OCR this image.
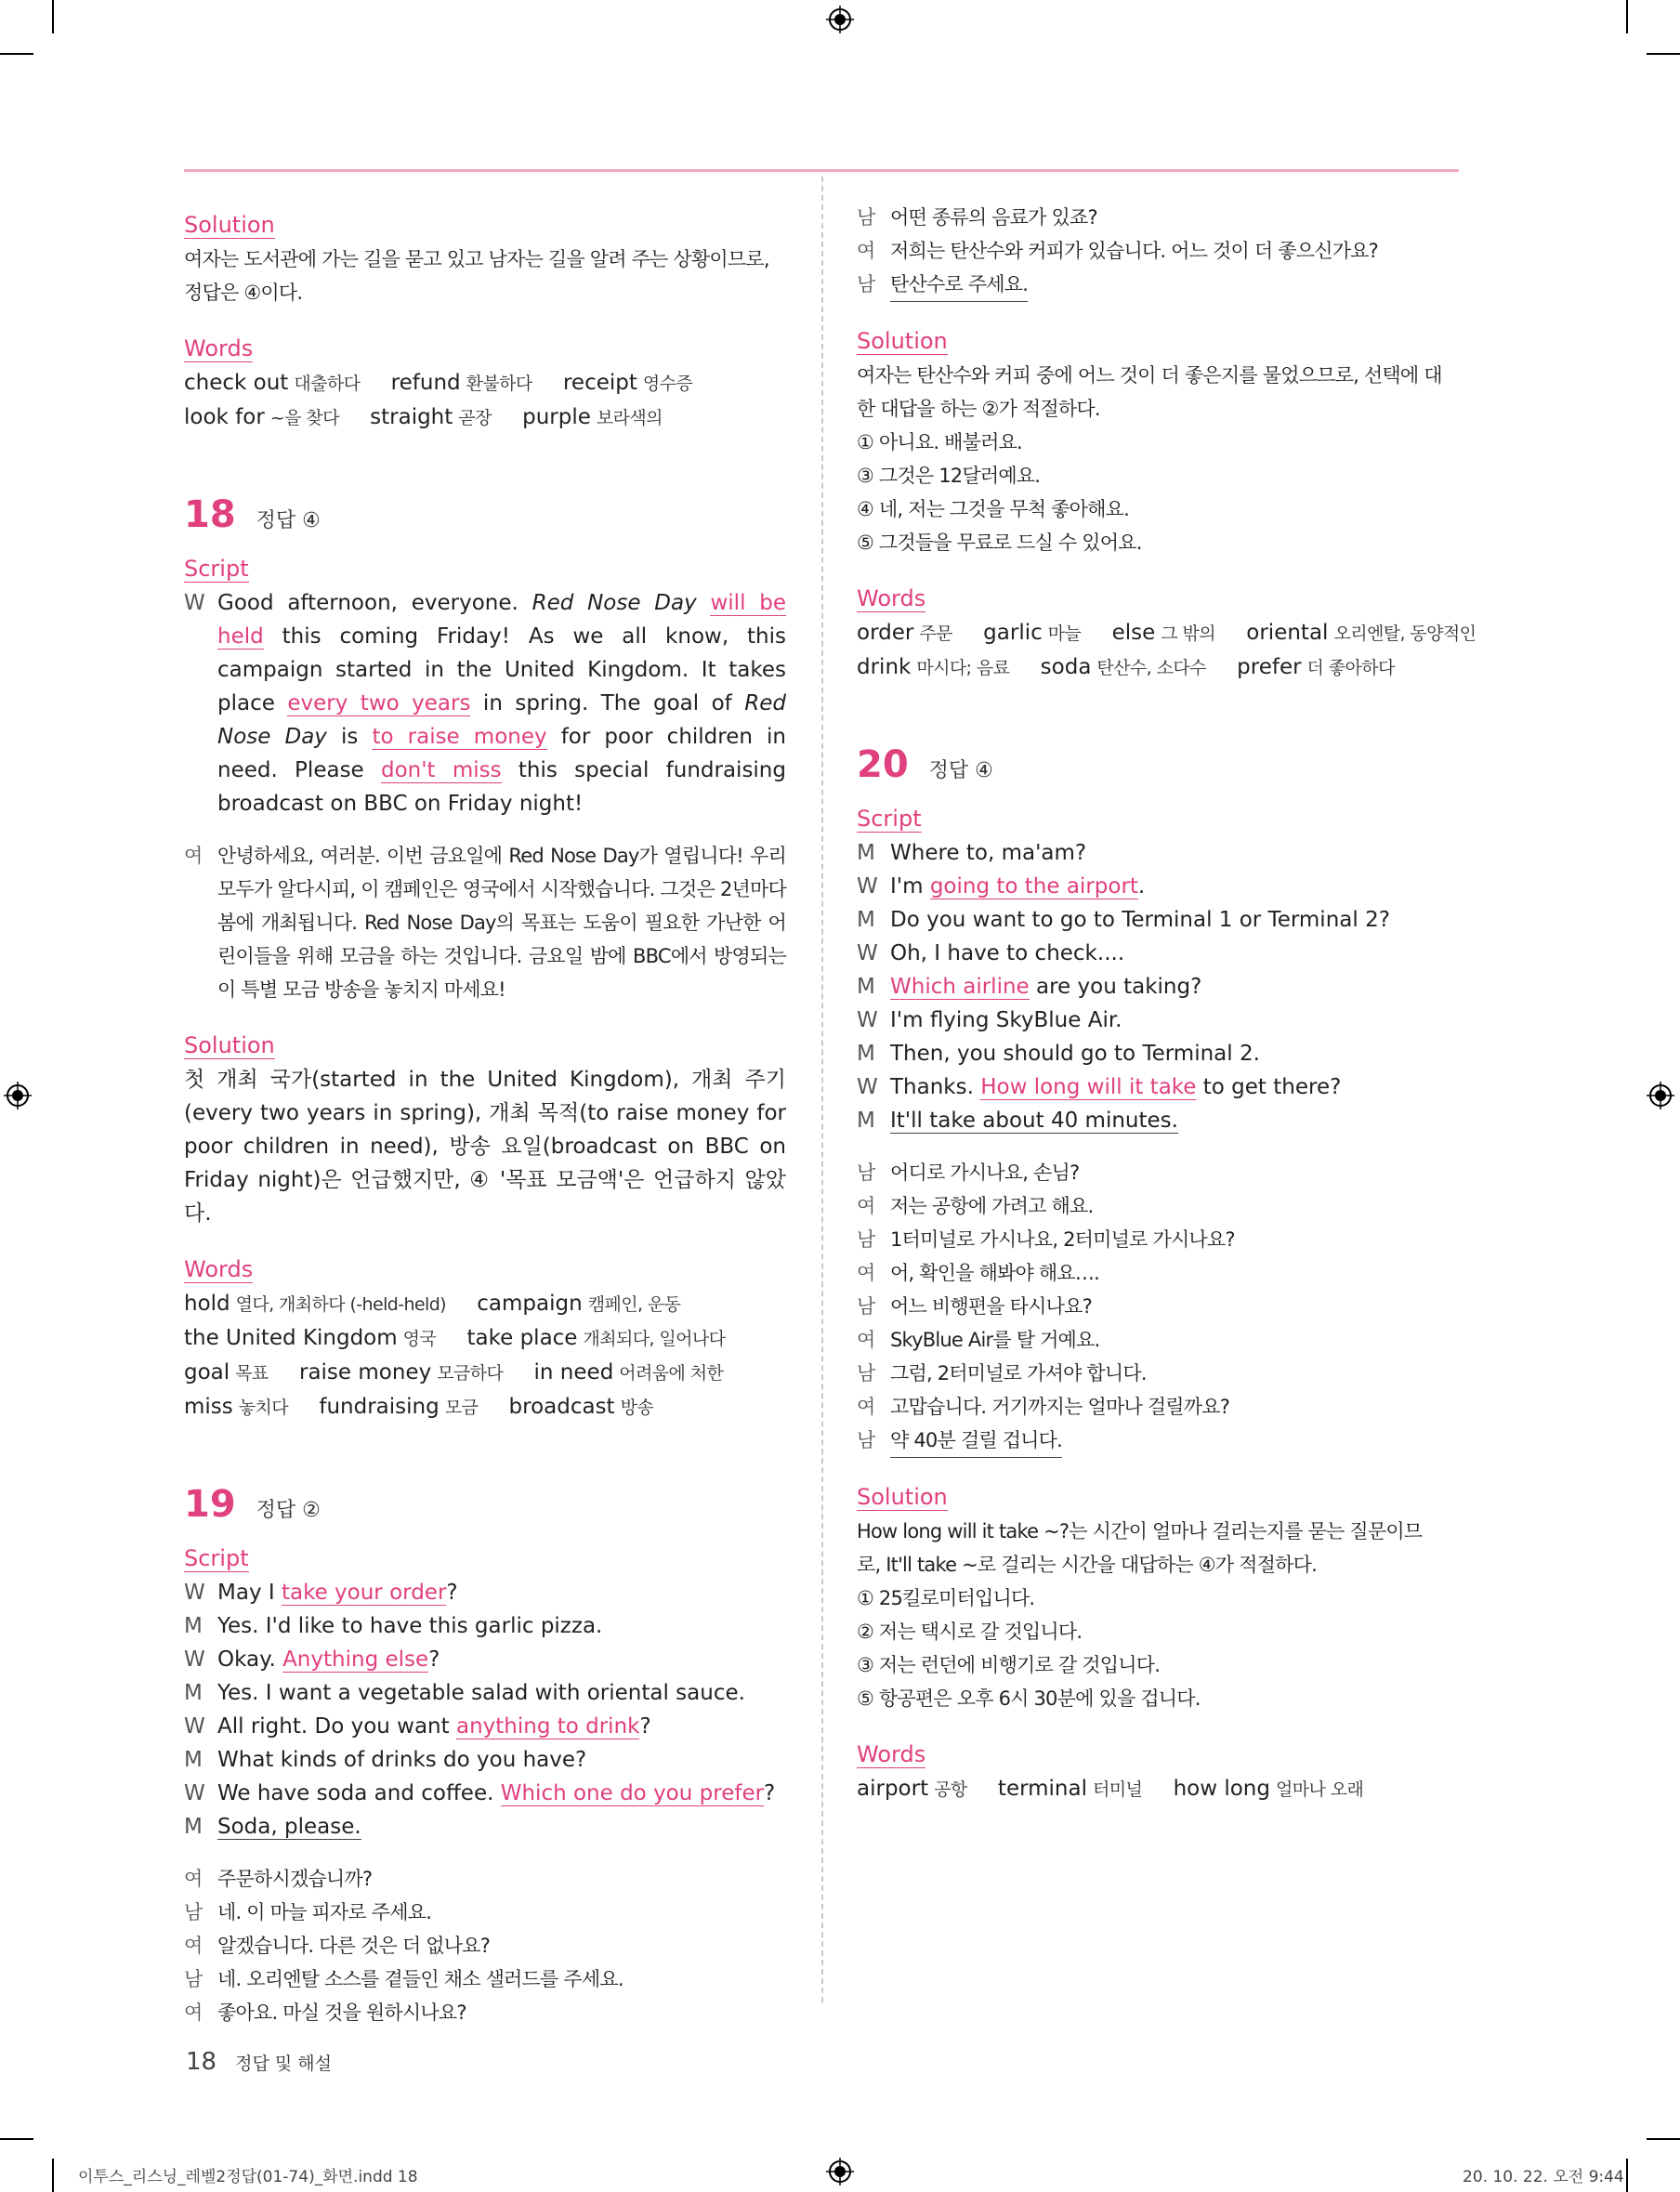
Solution
여자는 도서관에 가는 길을 묻고 있고 남자는 길을 알려 주는 상황이므로,
정답은 ④이다.
Words
check out 대출하다 refund 환불하다 receipt 영수증
look for ~을 찾다 straight 곧장 purple 보라색의
18 정답 ④
Script
W Good afternoon, everyone. Red Nose Day will be held this coming Friday! As we all know, this campaign started in the United Kingdom. It takes place every two years in spring. The goal of Red Nose Day is to raise money for poor children in need. Please don't miss this special fundraising broadcast on BBC on Friday night!
여 안녕하세요, 여러분. 이번 금요일에 Red Nose Day가 열립니다! 우리 모두가 알다시피, 이 캠페인은 영국에서 시작했습니다. 그것은 2년마다 봄에 개최됩니다. Red Nose Day의 목표는 도움이 필요한 가난한 어린이들을 위해 모금을 하는 것입니다. 금요일 밤에 BBC에서 방영되는 이 특별 모금 방송을 놓치지 마세요!
Solution
첫 개최 국가(started in the United Kingdom), 개최 주기(every two years in spring), 개최 목적(to raise money for poor children in need), 방송 요일(broadcast on BBC on Friday night)은 언급했지만, ④ '목표 모금액'은 언급하지 않았다.
Words
hold 열다, 개최하다 (-held-held) campaign 캠페인, 운동
the United Kingdom 영국 take place 개최되다, 일어나다
goal 목표 raise money 모금하다 in need 어려움에 처한
miss 놓치다 fundraising 모금 broadcast 방송
19 정답 ②
Script
W May I take your order?
M Yes. I'd like to have this garlic pizza.
W Okay. Anything else?
M Yes. I want a vegetable salad with oriental sauce.
W All right. Do you want anything to drink?
M What kinds of drinks do you have?
W We have soda and coffee. Which one do you prefer?
M Soda, please.
여 주문하시겠습니까?
남 네. 이 마늘 피자로 주세요.
여 알겠습니다. 다른 것은 더 없나요?
남 네. 오리엔탈 소스를 곁들인 채소 샐러드를 주세요.
여 좋아요. 마실 것을 원하시나요?
남 어떤 종류의 음료가 있죠?
여 저희는 탄산수와 커피가 있습니다. 어느 것이 더 좋으신가요?
남 탄산수로 주세요.
Solution
여자는 탄산수와 커피 중에 어느 것이 더 좋은지를 물었으므로, 선택에 대
한 대답을 하는 ②가 적절하다.
① 아니요. 배불러요.
③ 그것은 12달러예요.
④ 네, 저는 그것을 무척 좋아해요.
⑤ 그것들을 무료로 드실 수 있어요.
Words
order 주문 garlic 마늘 else 그 밖의 oriental 오리엔탈, 동양적인
drink 마시다; 음료 soda 탄산수, 소다수 prefer 더 좋아하다
20 정답 ④
Script
M Where to, ma'am?
W I'm going to the airport.
M Do you want to go to Terminal 1 or Terminal 2?
W Oh, I have to check....
M Which airline are you taking?
W I'm flying SkyBlue Air.
M Then, you should go to Terminal 2.
W Thanks. How long will it take to get there?
M It'll take about 40 minutes.
남 어디로 가시나요, 손님?
여 저는 공항에 가려고 해요.
남 1터미널로 가시나요, 2터미널로 가시나요?
여 어, 확인을 해봐야 해요….
남 어느 비행편을 타시나요?
여 SkyBlue Air를 탈 거예요.
남 그럼, 2터미널로 가셔야 합니다.
여 고맙습니다. 거기까지는 얼마나 걸릴까요?
남 약 40분 걸릴 겁니다.
Solution
How long will it take ~?는 시간이 얼마나 걸리는지를 묻는 질문이므
로, It'll take ~로 걸리는 시간을 대답하는 ④가 적절하다.
① 25킬로미터입니다.
② 저는 택시로 갈 것입니다.
③ 저는 런던에 비행기로 갈 것입니다.
⑤ 항공편은 오후 6시 30분에 있을 겁니다.
Words
airport 공항 terminal 터미널 how long 얼마나 오래
18 정답 및 해설
이투스_리스닝_레벨2정답(01-74)_화면.indd 18	20. 10. 22. 오전 9:44
